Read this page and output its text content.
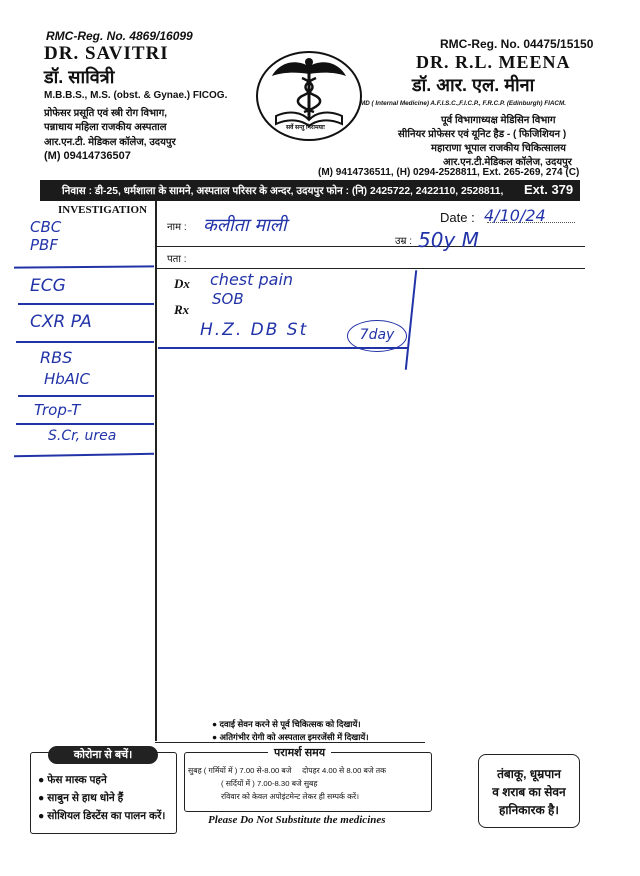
RMC-Reg. No. 4869/16099
DR. SAVITRI
डॉ. सावित्री
M.B.B.S., M.S. (obst. & Gynae.) FICOG.
प्रोफेसर प्रसूति एवं स्त्री रोग विभाग,
पन्नाधाय महिला राजकीय अस्पताल
आर.एन.टी. मेडिकल कॉलेज, उदयपुर
(M) 09414736507
सर्वे सन्तु निरामयाः
RMC-Reg. No. 04475/15150
DR. R.L. MEENA
डॉ. आर. एल. मीना
MD ( Internal Medicine) A.F.I.S.C.,F.I.C.P., F.R.C.P. (Edinburgh) FIACM.
पूर्व विभागाध्यक्ष मेडिसिन विभाग
सीनियर प्रोफेसर एवं यूनिट हैड - ( फिजिशियन )
महाराणा भूपाल राजकीय चिकित्सालय
आर.एन.टी.मेडिकल कॉलेज, उदयपुर
(M) 9414736511, (H) 0294-2528811, Ext. 265-269, 274 (C)
निवास : डी-25, धर्मशाला के सामने, अस्पताल परिसर के अन्दर, उदयपुर फोन : (नि) 2425722, 2422110, 2528811, Ext. 379
INVESTIGATION
नाम :
Date :
उम्र :
पता :
Dx
Rx
कलीता माली	4/10/24
50y M
CBC
PBF
ECG
CXR PA
RBS
HbAIC
Trop-T
S.Cr, urea
chest pain
SOB
H.Z. DB St	7day
● दवाई सेवन करने से पूर्व चिकित्सक को दिखायें।
● अतिगंभीर रोगी को अस्पताल इमरजेंसी में दिखायें।
कोरोना से बचें।
● फेस मास्क पहने
● साबुन से हाथ धोने हैं
● सोशियल डिस्टेंस का पालन करें।
परामर्श समय
सुबह ( गर्मियों में ) 7.00 से-8.00 बजे     दोपहर 4.00 से 8.00 बजे तक
( सर्दियों में ) 7.00-8.30 बजे सुबह
रविवार को केवल अपोइंटमेन्ट लेकर ही सम्पर्क करें।
Please Do Not Substitute the medicines
तंबाकू, धूम्रपान
व शराब का सेवन
हानिकारक है।
